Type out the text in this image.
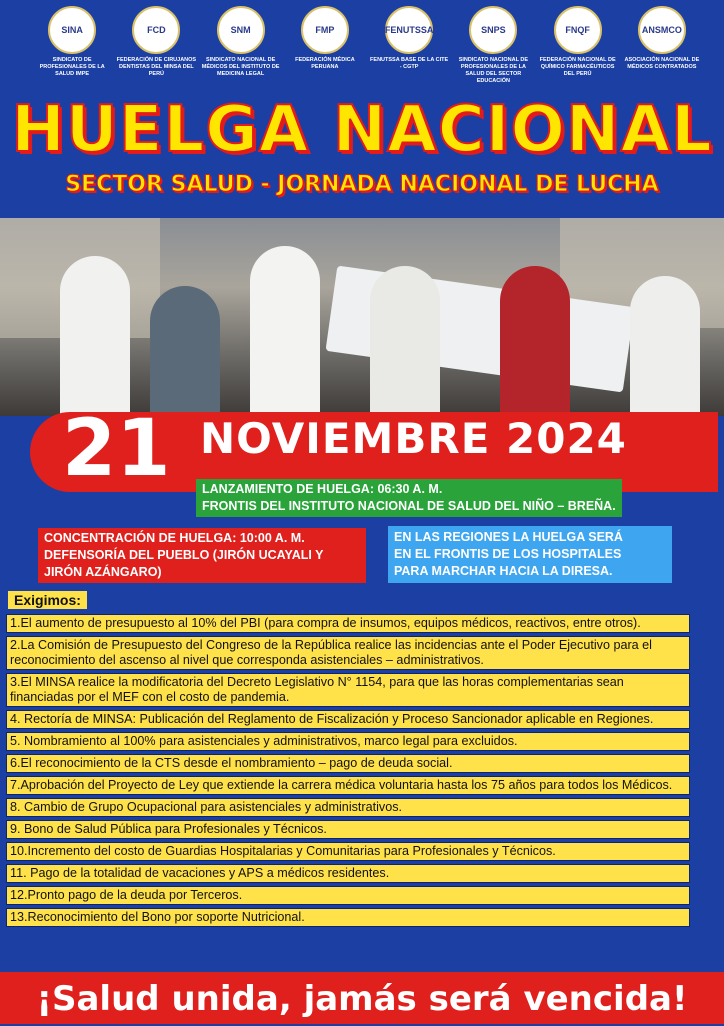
SINA
SINDICATO DE PROFESIONALES DE LA SALUD IMPE
FCD
FEDERACIÓN DE CIRUJANOS DENTISTAS DEL MINSA DEL PERÚ
SNM
SINDICATO NACIONAL DE MÉDICOS DEL INSTITUTO DE MEDICINA LEGAL
FMP
FEDERACIÓN MÉDICA PERUANA
FENUTSSA
FENUTSSA BASE DE LA CITE - CGTP
SNPS
SINDICATO NACIONAL DE PROFESIONALES DE LA SALUD DEL SECTOR EDUCACIÓN
FNQF
FEDERACIÓN NACIONAL DE QUÍMICO FARMACÉUTICOS DEL PERÚ
ANSMCO
ASOCIACIÓN NACIONAL DE MÉDICOS CONTRATADOS
HUELGA NACIONAL
SECTOR SALUD - JORNADA NACIONAL DE LUCHA
21 NOVIEMBRE 2024
LANZAMIENTO DE HUELGA: 06:30 A. M.
FRONTIS DEL INSTITUTO NACIONAL DE SALUD DEL NIÑO – BREÑA.
CONCENTRACIÓN DE HUELGA: 10:00 A. M.
DEFENSORÍA DEL PUEBLO (JIRÓN UCAYALI Y
JIRÓN AZÁNGARO)
EN LAS REGIONES LA HUELGA SERÁ
EN EL FRONTIS DE LOS HOSPITALES
PARA MARCHAR HACIA LA DIRESA.
Exigimos:
1.El aumento de presupuesto al 10% del PBI (para compra de insumos, equipos médicos, reactivos, entre otros).
2.La Comisión de Presupuesto del Congreso de la República realice las incidencias ante el Poder Ejecutivo para el reconocimiento del ascenso al nivel que corresponda asistenciales – administrativos.
3.El MINSA realice la modificatoria del Decreto Legislativo N° 1154, para que las horas complementarias sean financiadas por el MEF con el costo de pandemia.
4. Rectoría de MINSA: Publicación del Reglamento de Fiscalización y Proceso Sancionador aplicable en Regiones.
5. Nombramiento al 100% para asistenciales y administrativos, marco legal para excluidos.
6.El reconocimiento de la CTS desde el nombramiento – pago de deuda social.
7.Aprobación del Proyecto de Ley que extiende la carrera médica voluntaria hasta los 75 años para todos los Médicos.
8. Cambio de Grupo Ocupacional para asistenciales y administrativos.
9. Bono de Salud Pública para Profesionales y Técnicos.
10.Incremento del costo de Guardias Hospitalarias y Comunitarias para Profesionales y Técnicos.
11. Pago de la totalidad de vacaciones y APS a médicos residentes.
12.Pronto pago de la deuda por Terceros.
13.Reconocimiento del Bono por soporte Nutricional.
¡Salud unida, jamás será vencida!
